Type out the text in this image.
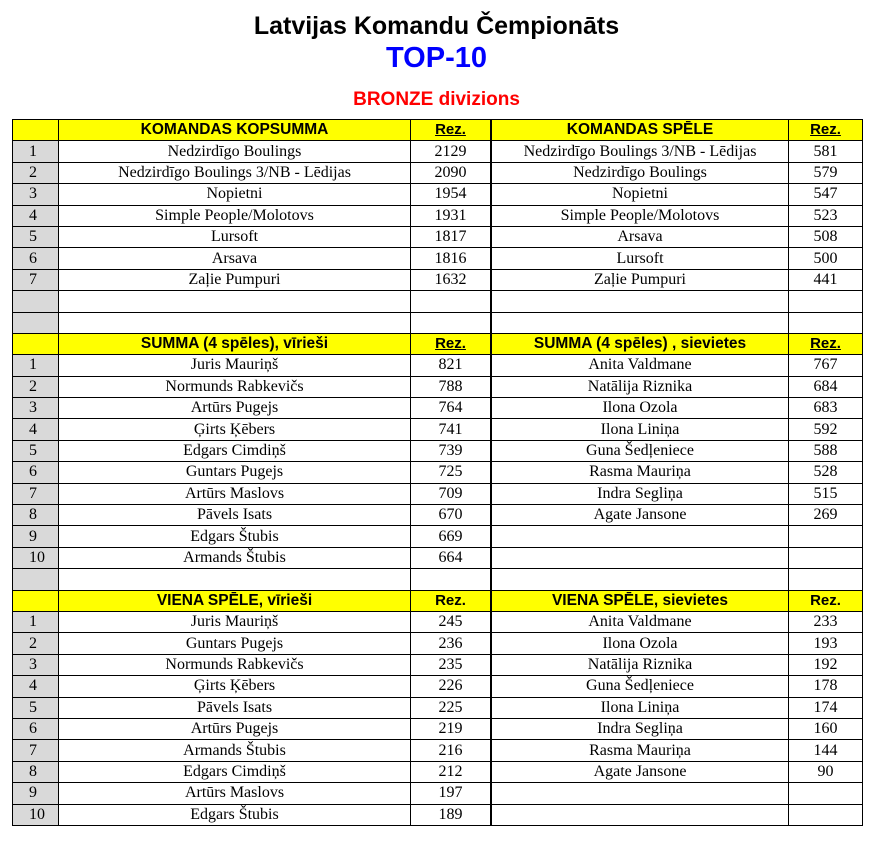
Latvijas Komandu Čempionāts
TOP-10
BRONZE divizions
	KOMANDAS KOPSUMMA	Rez.		KOMANDAS SPĒLE	Rez.
1	Nedzirdīgo Boulings	2129		Nedzirdīgo Boulings 3/NB - Lēdijas	581
2	Nedzirdīgo Boulings 3/NB - Lēdijas	2090		Nedzirdīgo Boulings	579
3	Nopietni	1954		Nopietni	547
4	Simple People/Molotovs	1931		Simple People/Molotovs	523
5	Lursoft	1817		Arsava	508
6	Arsava	1816		Lursoft	500
7	Zaļie Pumpuri	1632		Zaļie Pumpuri	441

	SUMMA (4 spēles), vīrieši	Rez.		SUMMA (4 spēles) , sievietes	Rez.
1	Juris Mauriņš	821		Anita Valdmane	767
2	Normunds Rabkevičs	788		Natālija Riznika	684
3	Artūrs Pugejs	764		Ilona Ozola	683
4	Ģirts Ķēbers	741		Ilona Liniņa	592
5	Edgars Cimdiņš	739		Guna Šedļeniece	588
6	Guntars Pugejs	725		Rasma Mauriņa	528
7	Artūrs Maslovs	709		Indra Segliņa	515
8	Pāvels Isats	670		Agate Jansone	269
9	Edgars Štubis	669			
10	Armands Štubis	664			

	VIENA SPĒLE, vīrieši	Rez.		VIENA SPĒLE, sievietes	Rez.
1	Juris Mauriņš	245		Anita Valdmane	233
2	Guntars Pugejs	236		Ilona Ozola	193
3	Normunds Rabkevičs	235		Natālija Riznika	192
4	Ģirts Ķēbers	226		Guna Šedļeniece	178
5	Pāvels Isats	225		Ilona Liniņa	174
6	Artūrs Pugejs	219		Indra Segliņa	160
7	Armands Štubis	216		Rasma Mauriņa	144
8	Edgars Cimdiņš	212		Agate Jansone	90
9	Artūrs Maslovs	197			
10	Edgars Štubis	189			
